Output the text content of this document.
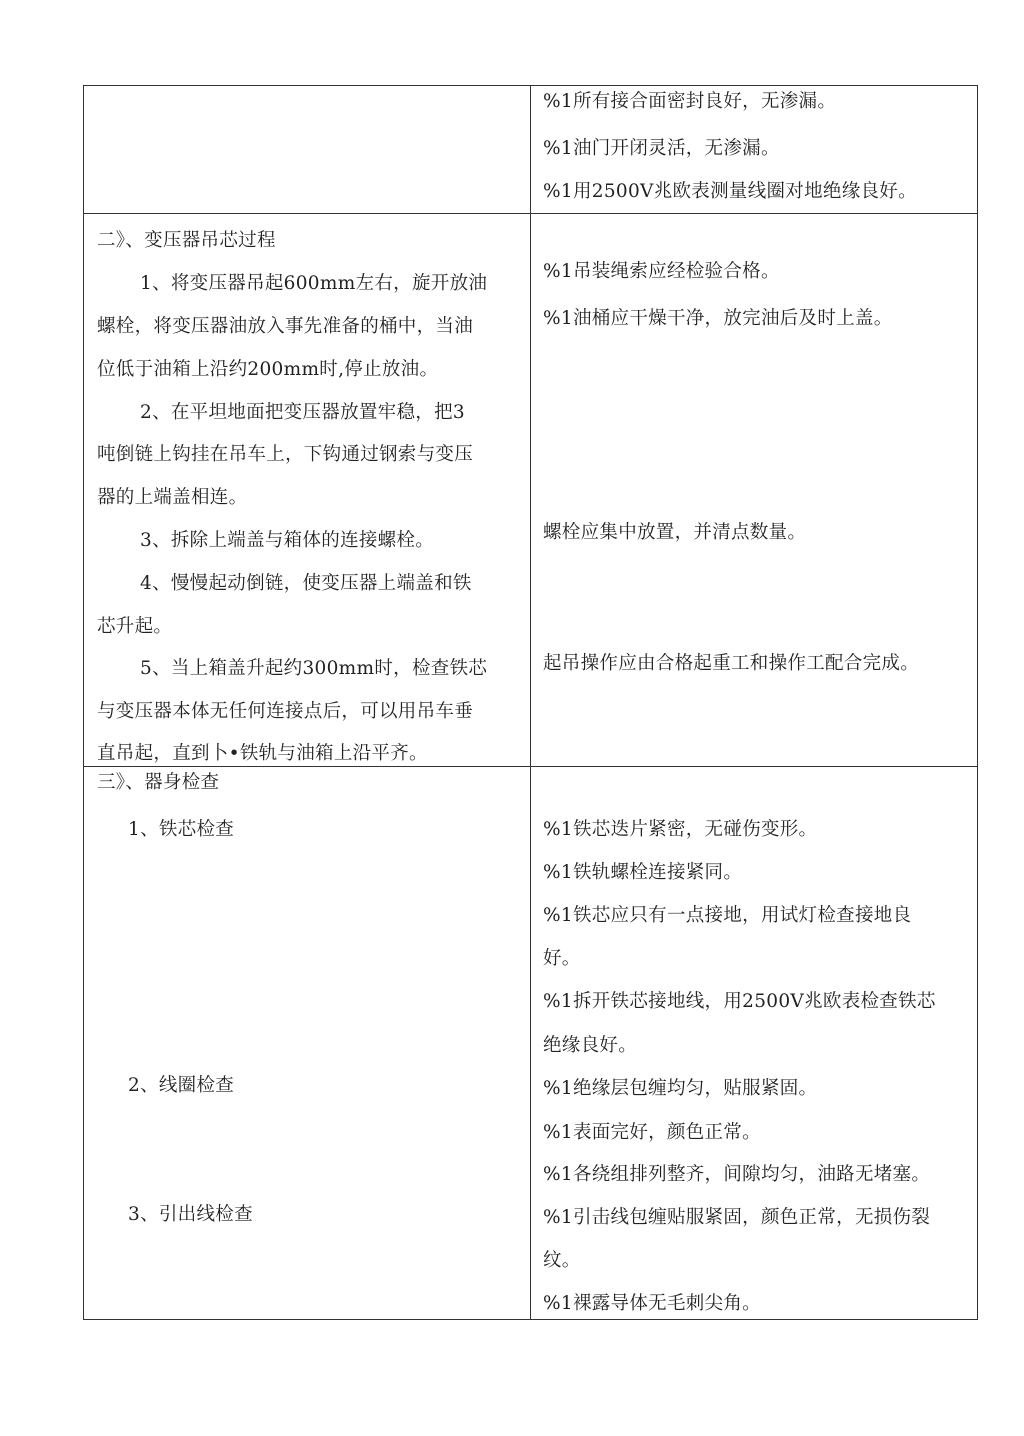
%1所有接合面密封良好，无渗漏。
%1油门开闭灵活，无渗漏。
%1用2500V兆欧表测量线圈对地绝缘良好。
二》、变压器吊芯过程
1、将变压器吊起600mm左右，旋开放油
螺栓，将变压器油放入事先准备的桶中，当油
位低于油箱上沿约200mm时,停止放油。
2、在平坦地面把变压器放置牢稳，把3
吨倒链上钩挂在吊车上，下钩通过钢索与变压
器的上端盖相连。
3、拆除上端盖与箱体的连接螺栓。
4、慢慢起动倒链，使变压器上端盖和铁
芯升起。
5、当上箱盖升起约300mm时，检查铁芯
与变压器本体无任何连接点后，可以用吊车垂
直吊起，直到卜•铁轨与油箱上沿平齐。
%1吊装绳索应经检验合格。
%1油桶应干燥干净，放完油后及时上盖。
螺栓应集中放置，并清点数量。
起吊操作应由合格起重工和操作工配合完成。
三》、器身检查
1、铁芯检查
2、线圈检查
3、引出线检查
%1铁芯迭片紧密，无碰伤变形。
%1铁轨螺栓连接紧同。
%1铁芯应只有一点接地，用试灯检查接地良
好。
%1拆开铁芯接地线，用2500V兆欧表检查铁芯
绝缘良好。
%1绝缘层包缠均匀，贴服紧固。
%1表面完好，颜色正常。
%1各绕组排列整齐，间隙均匀，油路无堵塞。
%1引击线包缠贴服紧固，颜色正常，无损伤裂
纹。
%1裸露导体无毛刺尖角。
